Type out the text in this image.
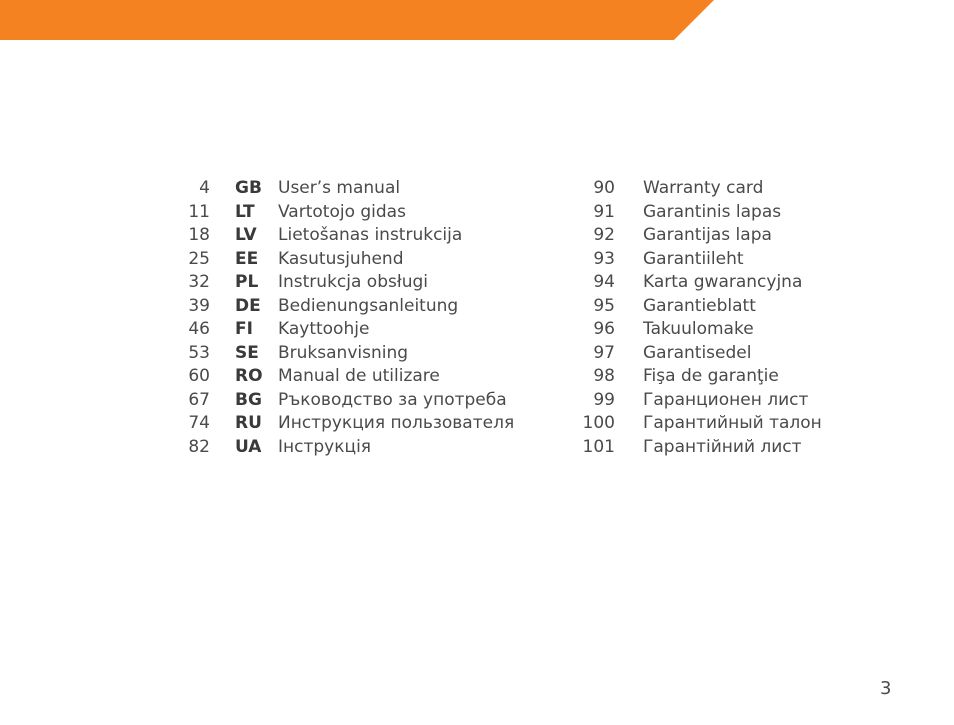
4 GB User’s manual
11 LT Vartotojo gidas
18 LV Lietošanas instrukcija
25 EE Kasutusjuhend
32 PL Instrukcja obsługi
39 DE Bedienungsanleitung
46 FI Kayttoohje
53 SE Bruksanvisning
60 RO Manual de utilizare
67 BG Ръководство за употреба
74 RU Инструкция пользователя
82 UA Інструкція
90 Warranty card
91 Garantinis lapas
92 Garantijas lapa
93 Garantiileht
94 Karta gwarancyjna
95 Garantieblatt
96 Takuulomake
97 Garantisedel
98 Fişa de garanţie
99 Гаранционен лист
100 Гарантийный талон
101 Гарантійний лист
3
